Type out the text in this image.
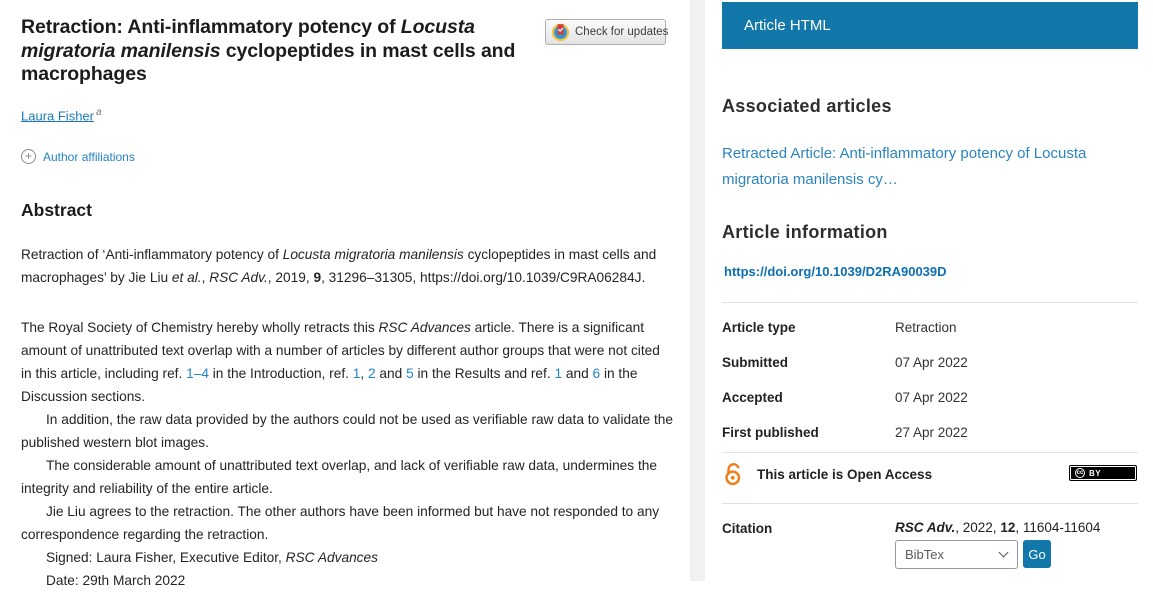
Retraction: Anti-inflammatory potency of Locusta migratoria manilensis cyclopeptides in mast cells and macrophages
Check for updates
Laura Fisher a
+ Author affiliations
Abstract

Retraction of ‘Anti-inflammatory potency of Locusta migratoria manilensis cyclopeptides in mast cells and macrophages’ by Jie Liu et al., RSC Adv., 2019, 9, 31296–31305, https://doi.org/10.1039/C9RA06284J.

The Royal Society of Chemistry hereby wholly retracts this RSC Advances article. There is a significant amount of unattributed text overlap with a number of articles by different author groups that were not cited in this article, including ref. 1–4 in the Introduction, ref. 1, 2 and 5 in the Results and ref. 1 and 6 in the Discussion sections.

In addition, the raw data provided by the authors could not be used as verifiable raw data to validate the published western blot images.

The considerable amount of unattributed text overlap, and lack of verifiable raw data, undermines the integrity and reliability of the entire article.

Jie Liu agrees to the retraction. The other authors have been informed but have not responded to any correspondence regarding the retraction.

Signed: Laura Fisher, Executive Editor, RSC Advances

Date: 29th March 2022

Article HTML
Associated articles
Retracted Article: Anti-inflammatory potency of Locusta migratoria manilensis cy…
Article information
https://doi.org/10.1039/D2RA90039D
Article type	Retraction
Submitted	07 Apr 2022
Accepted	07 Apr 2022
First published	27 Apr 2022
This article is Open Access	cc BY
Citation	RSC Adv., 2022, 12, 11604-11604
BibTex	Go
